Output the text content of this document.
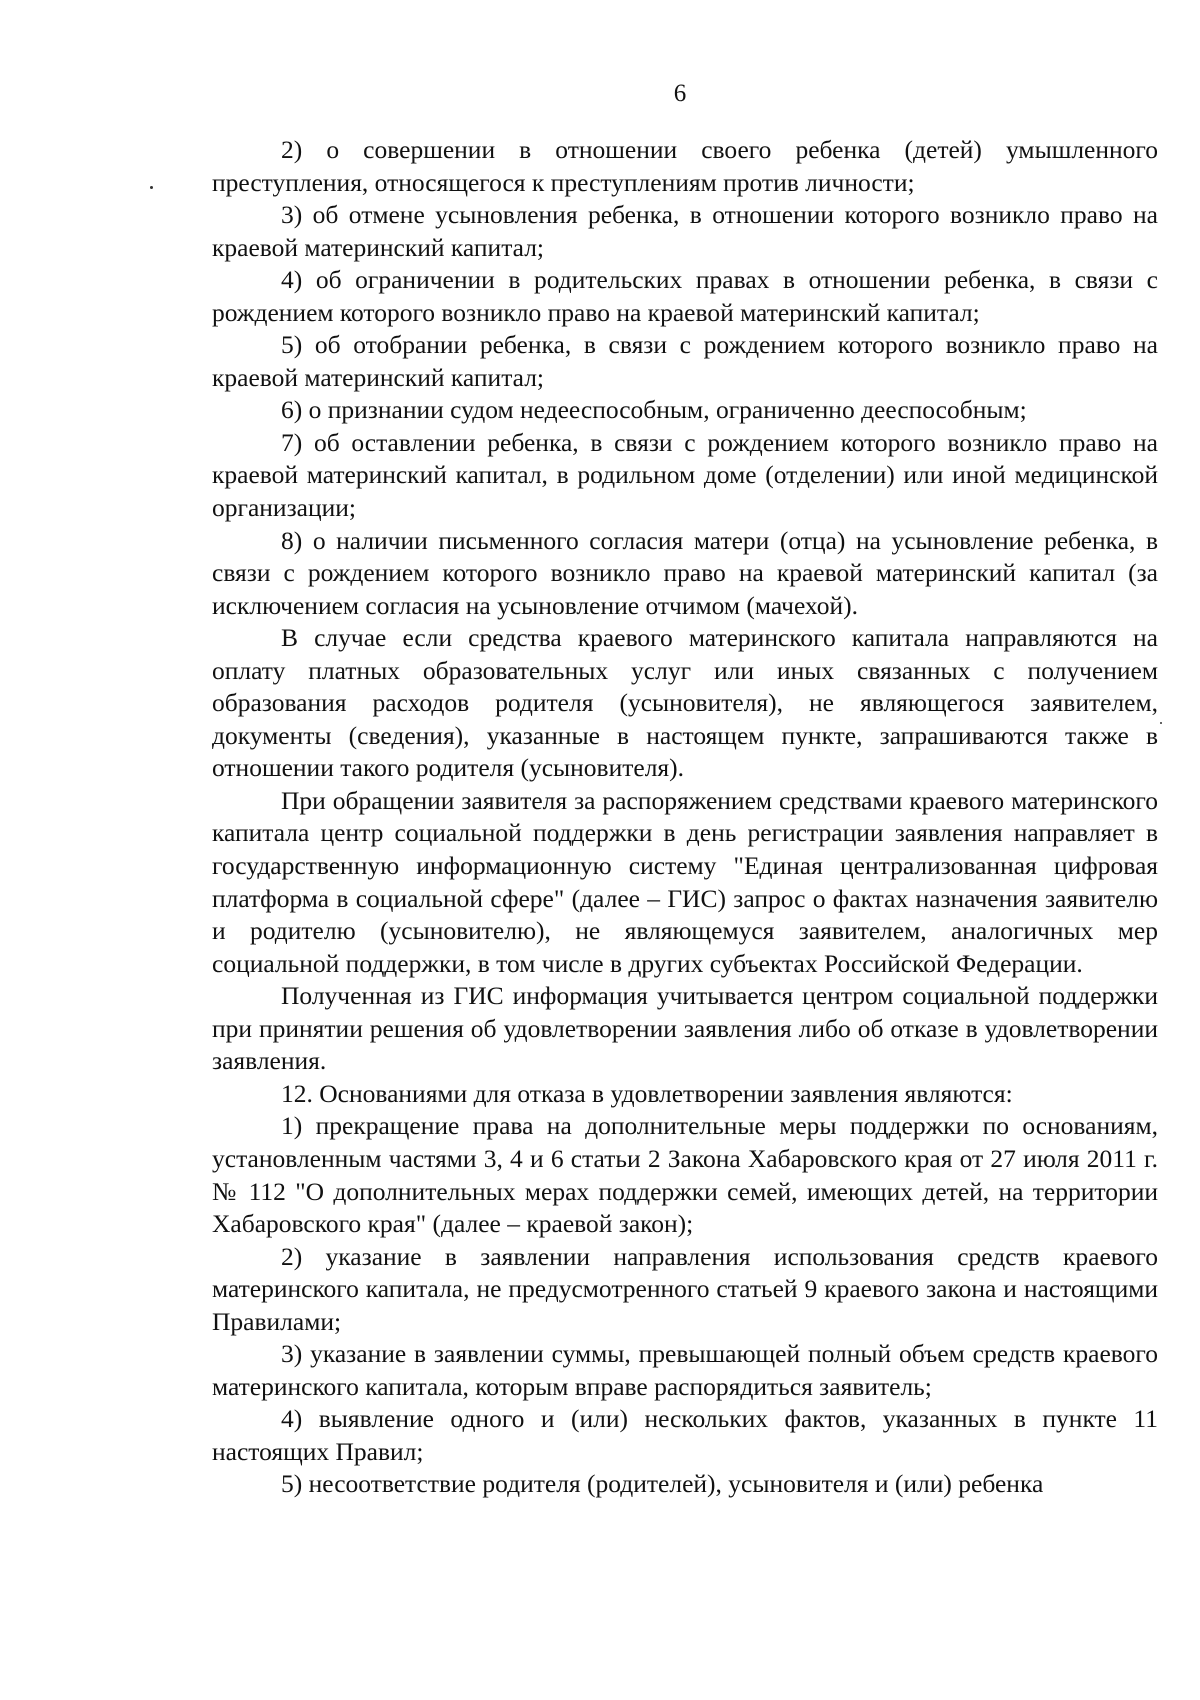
6

2) о совершении в отношении своего ребенка (детей) умышленного преступления, относящегося к преступлениям против личности;

3) об отмене усыновления ребенка, в отношении которого возникло право на краевой материнский капитал;

4) об ограничении в родительских правах в отношении ребенка, в связи с рождением которого возникло право на краевой материнский капитал;

5) об отобрании ребенка, в связи с рождением которого возникло право на краевой материнский капитал;

6) о признании судом недееспособным, ограниченно дееспособным;

7) об оставлении ребенка, в связи с рождением которого возникло право на краевой материнский капитал, в родильном доме (отделении) или иной медицинской организации;

8) о наличии письменного согласия матери (отца) на усыновление ребенка, в связи с рождением которого возникло право на краевой материнский капитал (за исключением согласия на усыновление отчимом (мачехой).

В случае если средства краевого материнского капитала направляются на оплату платных образовательных услуг или иных связанных с получением образования расходов родителя (усыновителя), не являющегося заявителем, документы (сведения), указанные в настоящем пункте, запрашиваются также в отношении такого родителя (усыновителя).

При обращении заявителя за распоряжением средствами краевого материнского капитала центр социальной поддержки в день регистрации заявления направляет в государственную информационную систему "Единая централизованная цифровая платформа в социальной сфере" (далее – ГИС) запрос о фактах назначения заявителю и родителю (усыновителю), не являющемуся заявителем, аналогичных мер социальной поддержки, в том числе в других субъектах Российской Федерации.

Полученная из ГИС информация учитывается центром социальной поддержки при принятии решения об удовлетворении заявления либо об отказе в удовлетворении заявления.

12. Основаниями для отказа в удовлетворении заявления являются:

1) прекращение права на дополнительные меры поддержки по основаниям, установленным частями 3, 4 и 6 статьи 2 Закона Хабаровского края от 27 июля 2011 г. № 112 "О дополнительных мерах поддержки семей, имеющих детей, на территории Хабаровского края" (далее – краевой закон);

2) указание в заявлении направления использования средств краевого материнского капитала, не предусмотренного статьей 9 краевого закона и настоящими Правилами;

3) указание в заявлении суммы, превышающей полный объем средств краевого материнского капитала, которым вправе распорядиться заявитель;

4) выявление одного и (или) нескольких фактов, указанных в пункте 11 настоящих Правил;

5) несоответствие родителя (родителей), усыновителя и (или) ребенка
